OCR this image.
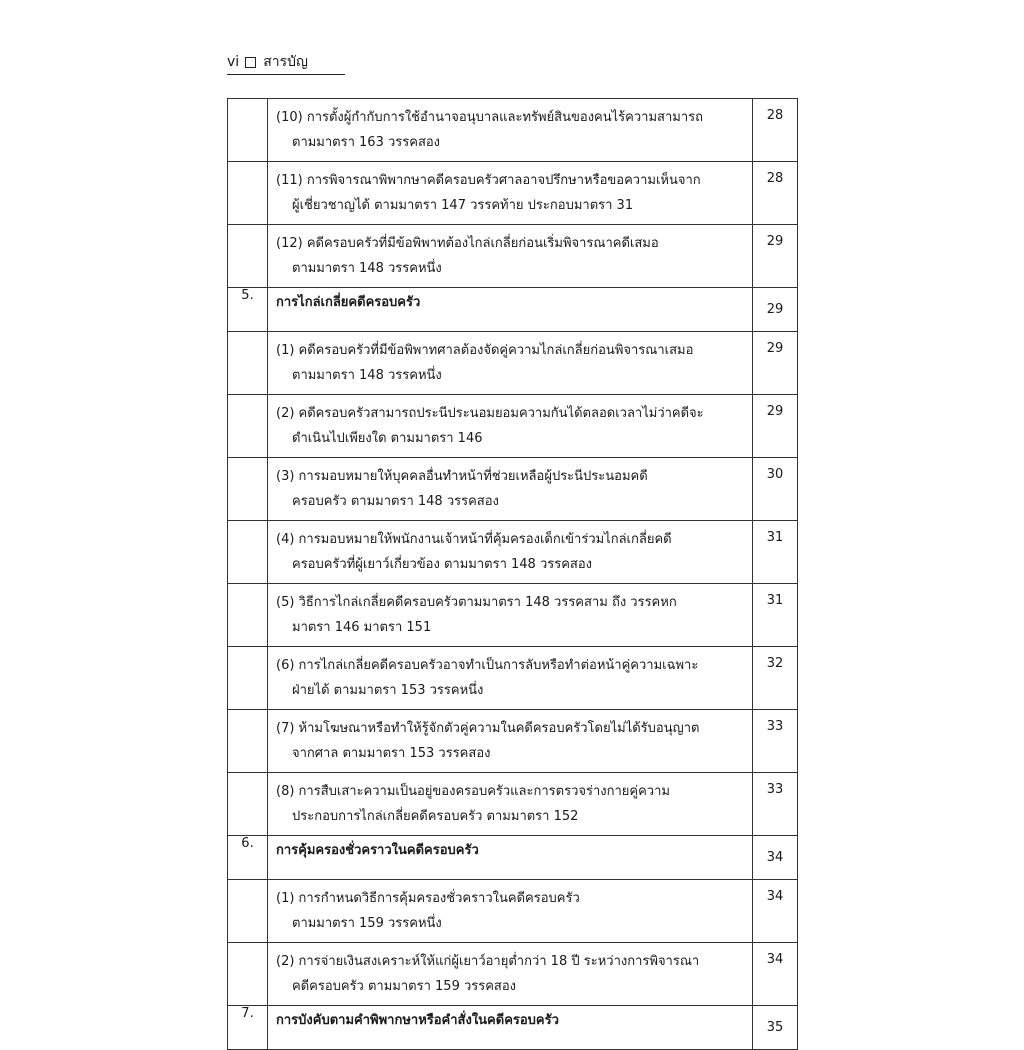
vi สารบัญ

	(10) การตั้งผู้กำกับการใช้อำนาจอนุบาลและทรัพย์สินของคนไร้ความสามารถ
ตามมาตรา 163 วรรคสอง	28

	(11) การพิจารณาพิพากษาคดีครอบครัวศาลอาจปรึกษาหรือขอความเห็นจาก
ผู้เชี่ยวชาญได้ ตามมาตรา 147 วรรคท้าย ประกอบมาตรา 31	28

	(12) คดีครอบครัวที่มีข้อพิพาทต้องไกล่เกลี่ยก่อนเริ่มพิจารณาคดีเสมอ
ตามมาตรา 148 วรรคหนึ่ง	29
5.	การไกล่เกลี่ยคดีครอบครัว	29

	(1) คดีครอบครัวที่มีข้อพิพาทศาลต้องจัดคู่ความไกล่เกลี่ยก่อนพิจารณาเสมอ
ตามมาตรา 148 วรรคหนึ่ง	29

	(2) คดีครอบครัวสามารถประนีประนอมยอมความกันได้ตลอดเวลาไม่ว่าคดีจะ
ดำเนินไปเพียงใด ตามมาตรา 146	29

	(3) การมอบหมายให้บุคคลอื่นทำหน้าที่ช่วยเหลือผู้ประนีประนอมคดี
ครอบครัว ตามมาตรา 148 วรรคสอง	30

	(4) การมอบหมายให้พนักงานเจ้าหน้าที่คุ้มครองเด็กเข้าร่วมไกล่เกลี่ยคดี
ครอบครัวที่ผู้เยาว์เกี่ยวข้อง ตามมาตรา 148 วรรคสอง	31

	(5) วิธีการไกล่เกลี่ยคดีครอบครัวตามมาตรา 148 วรรคสาม ถึง วรรคหก
มาตรา 146 มาตรา 151	31

	(6) การไกล่เกลี่ยคดีครอบครัวอาจทำเป็นการลับหรือทำต่อหน้าคู่ความเฉพาะ
ฝ่ายได้ ตามมาตรา 153 วรรคหนึ่ง	32

	(7) ห้ามโฆษณาหรือทำให้รู้จักตัวคู่ความในคดีครอบครัวโดยไม่ได้รับอนุญาต
จากศาล ตามมาตรา 153 วรรคสอง	33

	(8) การสืบเสาะความเป็นอยู่ของครอบครัวและการตรวจร่างกายคู่ความ
ประกอบการไกล่เกลี่ยคดีครอบครัว ตามมาตรา 152	33
6.	การคุ้มครองชั่วคราวในคดีครอบครัว	34

	(1) การกำหนดวิธีการคุ้มครองชั่วคราวในคดีครอบครัว
ตามมาตรา 159 วรรคหนึ่ง	34

	(2) การจ่ายเงินสงเคราะห์ให้แก่ผู้เยาว์อายุต่ำกว่า 18 ปี ระหว่างการพิจารณา
คดีครอบครัว ตามมาตรา 159 วรรคสอง	34
7.	การบังคับตามคำพิพากษาหรือคำสั่งในคดีครอบครัว	35
